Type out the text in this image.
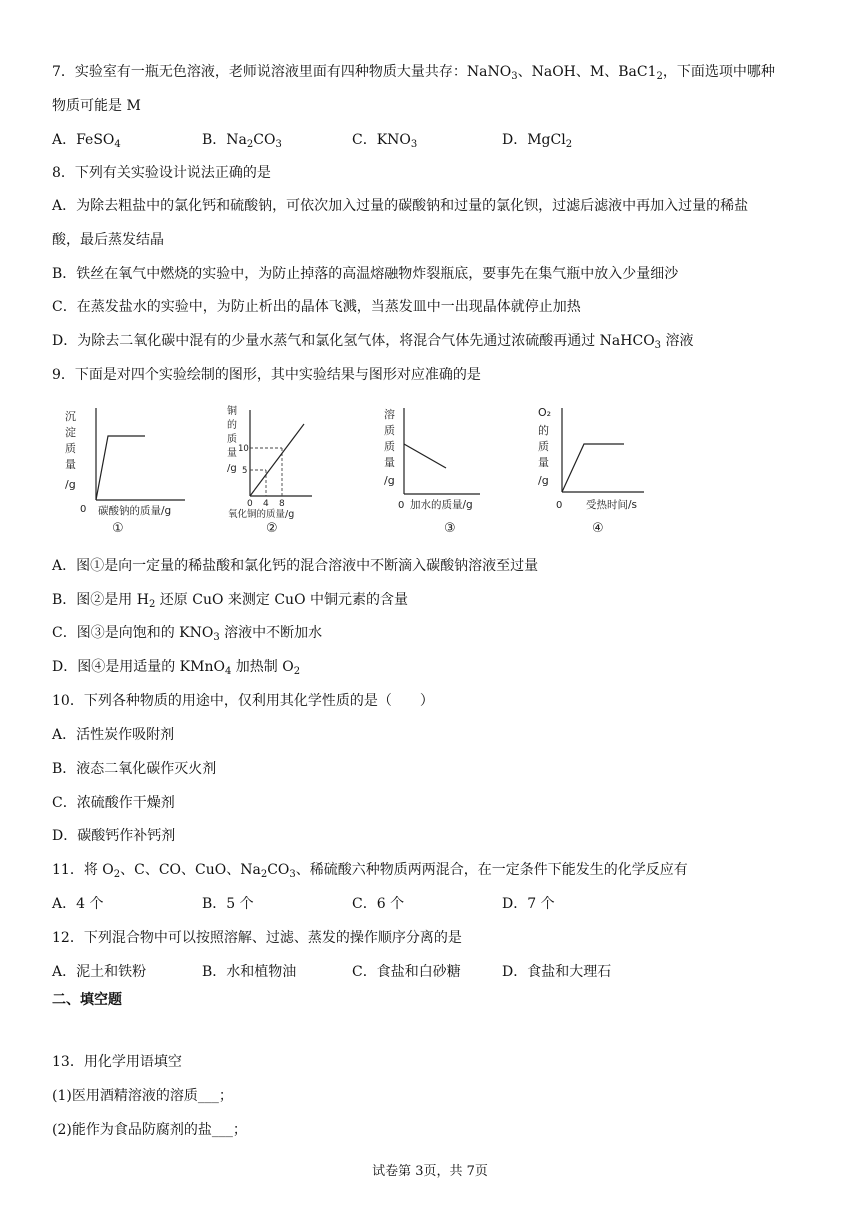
7．实验室有一瓶无色溶液，老师说溶液里面有四种物质大量共存：NaNO$_3$、NaOH、M、$BaC1_2$，下面选项中哪种
物质可能是 M
A．FeSO$_4$	B．$Na_2CO_3$	C．$KNO_3$	D．MgCl$_2$
8．下列有关实验设计说法正确的是
A．为除去粗盐中的氯化钙和硫酸钠，可依次加入过量的碳酸钠和过量的氯化钡，过滤后滤液中再加入过量的稀盐
酸，最后蒸发结晶
B．铁丝在氧气中燃烧的实验中，为防止掉落的高温熔融物炸裂瓶底，要事先在集气瓶中放入少量细沙
C．在蒸发盐水的实验中，为防止析出的晶体飞溅，当蒸发皿中一出现晶体就停止加热
D．为除去二氧化碳中混有的少量水蒸气和氯化氢气体，将混合气体先通过浓硫酸再通过 NaHCO$_3$ 溶液
9．下面是对四个实验绘制的图形，其中实验结果与图形对应准确的是
沉
淀
质
量
/g
0 碳酸钠的质量/g
①
铜
的
质
量
/g
10
5
0 4 8
氧化铜的质量/g
②
溶
质
质
量
/g
0 加水的质量/g
③
O₂
的
质
量
/g
0 受热时间/s
④
A．图①是向一定量的稀盐酸和氯化钙的混合溶液中不断滴入碳酸钠溶液至过量
B．图②是用 $H_2$ 还原 CuO 来测定 CuO 中铜元素的含量
C．图③是向饱和的 $KNO_3$ 溶液中不断加水
D．图④是用适量的 KMnO$_4$ 加热制 $O_2$
10．下列各种物质的用途中，仅利用其化学性质的是（　　）
A．活性炭作吸附剂
B．液态二氧化碳作灭火剂
C．浓硫酸作干燥剂
D．碳酸钙作补钙剂
11．将 $O_2$、C、CO、CuO、$Na_2CO_3$、稀硫酸六种物质两两混合，在一定条件下能发生的化学反应有
A．4 个	B．5 个	C．6 个	D．7 个
12．下列混合物中可以按照溶解、过滤、蒸发的操作顺序分离的是
A．泥土和铁粉	B．水和植物油	C．食盐和白砂糖	D．食盐和大理石
二、填空题
13．用化学用语填空
(1)医用酒精溶液的溶质___；
(2)能作为食品防腐剂的盐___；
试卷第 3页，共 7页
